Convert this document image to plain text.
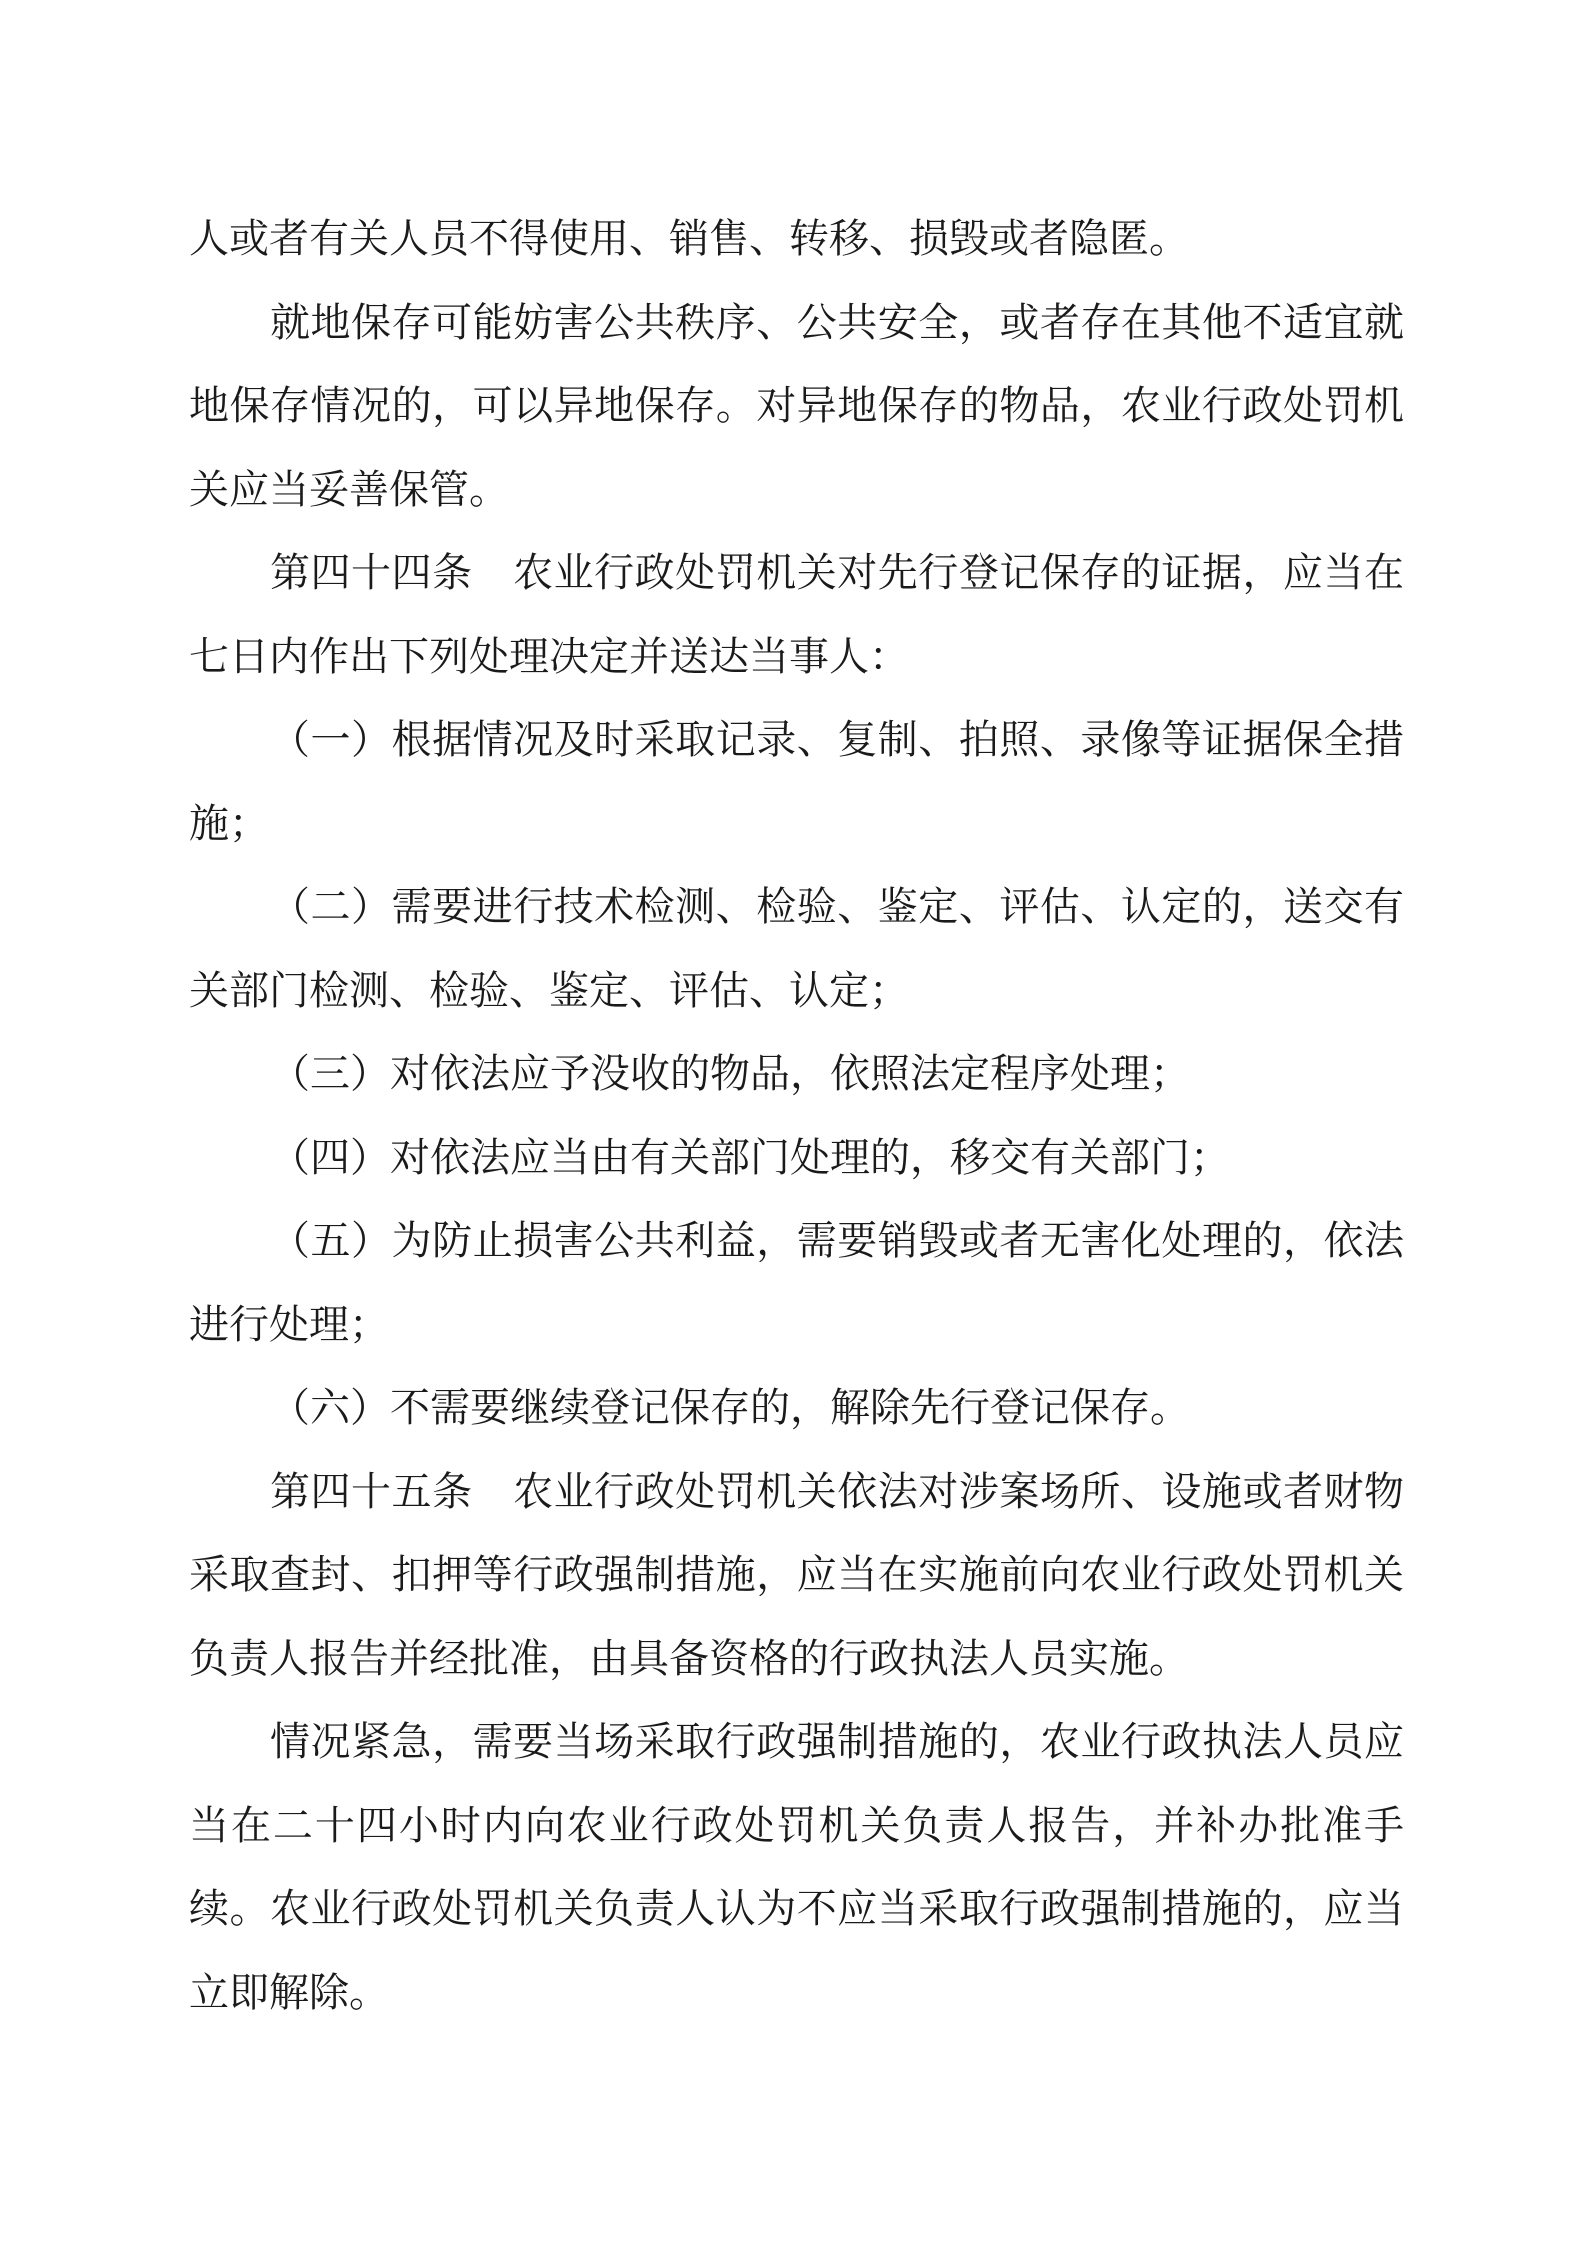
人或者有关人员不得使用、销售、转移、损毁或者隐匿。

就地保存可能妨害公共秩序、公共安全，或者存在其他不适宜就地保存情况的，可以异地保存。对异地保存的物品，农业行政处罚机关应当妥善保管。

第四十四条　农业行政处罚机关对先行登记保存的证据，应当在七日内作出下列处理决定并送达当事人：

（一）根据情况及时采取记录、复制、拍照、录像等证据保全措施；

（二）需要进行技术检测、检验、鉴定、评估、认定的，送交有关部门检测、检验、鉴定、评估、认定；

（三）对依法应予没收的物品，依照法定程序处理；

（四）对依法应当由有关部门处理的，移交有关部门；

（五）为防止损害公共利益，需要销毁或者无害化处理的，依法进行处理；

（六）不需要继续登记保存的，解除先行登记保存。

第四十五条　农业行政处罚机关依法对涉案场所、设施或者财物采取查封、扣押等行政强制措施，应当在实施前向农业行政处罚机关负责人报告并经批准，由具备资格的行政执法人员实施。

情况紧急，需要当场采取行政强制措施的，农业行政执法人员应当在二十四小时内向农业行政处罚机关负责人报告，并补办批准手续。农业行政处罚机关负责人认为不应当采取行政强制措施的，应当立即解除。
